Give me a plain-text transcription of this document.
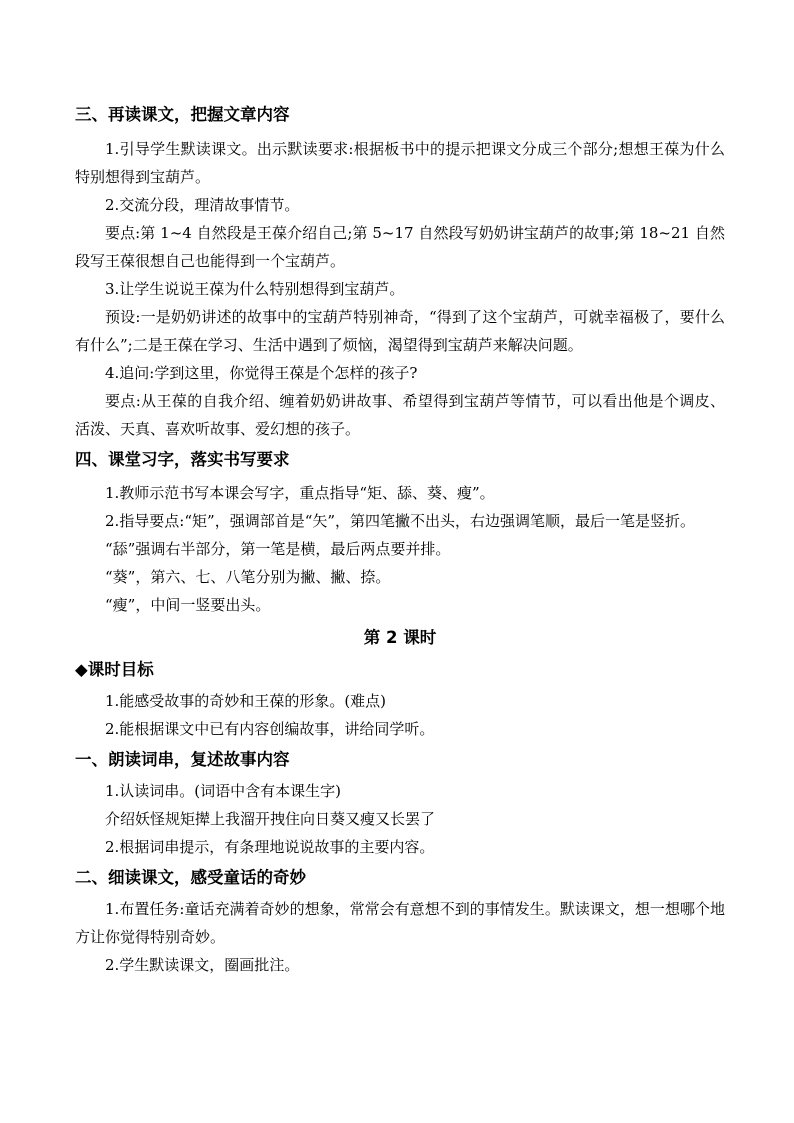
三、再读课文，把握文章内容

1.引导学生默读课文。出示默读要求:根据板书中的提示把课文分成三个部分;想想王葆为什么特别想得到宝葫芦。

2.交流分段，理清故事情节。

要点:第 1~4 自然段是王葆介绍自己;第 5~17 自然段写奶奶讲宝葫芦的故事;第 18~21 自然段写王葆很想自己也能得到一个宝葫芦。

3.让学生说说王葆为什么特别想得到宝葫芦。

预设:一是奶奶讲述的故事中的宝葫芦特别神奇，“得到了这个宝葫芦，可就幸福极了，要什么有什么”;二是王葆在学习、生活中遇到了烦恼，渴望得到宝葫芦来解决问题。

4.追问:学到这里，你觉得王葆是个怎样的孩子?

要点:从王葆的自我介绍、缠着奶奶讲故事、希望得到宝葫芦等情节，可以看出他是个调皮、活泼、天真、喜欢听故事、爱幻想的孩子。

四、课堂习字，落实书写要求

1.教师示范书写本课会写字，重点指导“矩、舔、葵、瘦”。

2.指导要点:“矩”，强调部首是“矢”，第四笔撇不出头，右边强调笔顺，最后一笔是竖折。

“舔”强调右半部分，第一笔是横，最后两点要并排。

“葵”，第六、七、八笔分别为撇、撇、捺。

“瘦”，中间一竖要出头。

第 2 课时
◆课时目标

1.能感受故事的奇妙和王葆的形象。(难点)

2.能根据课文中已有内容创编故事，讲给同学听。

一、朗读词串，复述故事内容

1.认读词串。(词语中含有本课生字)

介绍妖怪规矩撵上我溜开拽住向日葵又瘦又长罢了

2.根据词串提示，有条理地说说故事的主要内容。

二、细读课文，感受童话的奇妙

1.布置任务:童话充满着奇妙的想象，常常会有意想不到的事情发生。默读课文，想一想哪个地方让你觉得特别奇妙。

2.学生默读课文，圈画批注。
